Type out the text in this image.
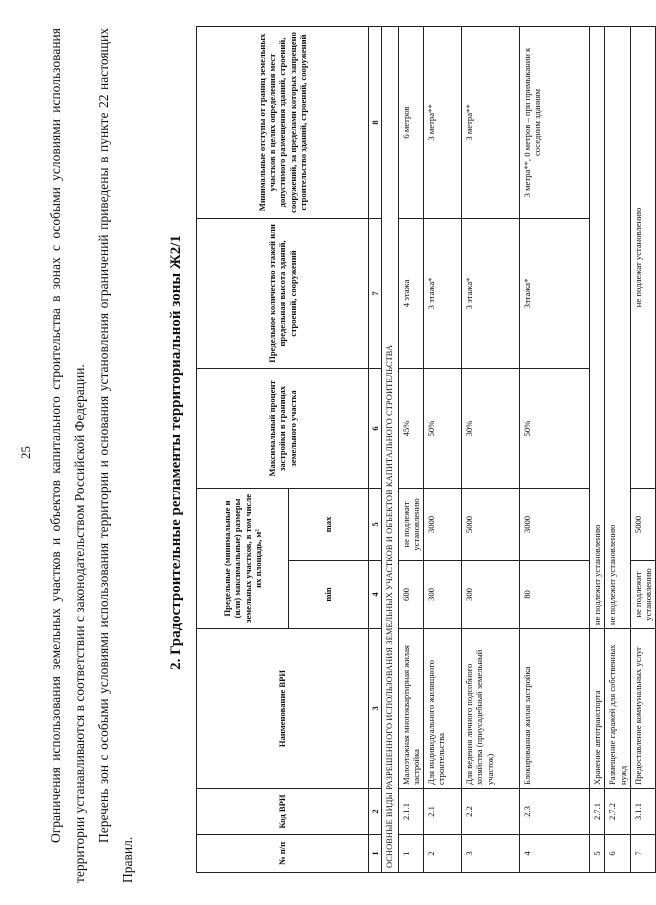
25 Ограничения использования земельных участков и объектов капитального строительства в зонах с особыми условиями использования территории устанавливаются в соответствии с законодательством Российской Федерации. Перечень зон с особыми условиями использования территории и основания установления ограничений приведены в пункте 22 настоящих Правил.

2. Градостроительные регламенты территориальной зоны Ж2/1
№ п/п	Код ВРИ	Наименование ВРИ	Предельные (минимальные и (или) максимальные) размеры земельных участков, в том числе их площадь, м²		Максимальный процент застройки в границах земельного участка	Предельное количество этажей или предельная высота зданий, строений, сооружений	Минимальные отступы от границ земельных участков в целях определения мест допустимого размещения зданий, строений, сооружений, за пределами которых запрещено строительство зданий, строений, сооружений
			min	max			
1	2	3	4	5	6	7	8
ОСНОВНЫЕ ВИДЫ РАЗРЕШЕННОГО ИСПОЛЬЗОВАНИЯ ЗЕМЕЛЬНЫХ УЧАСТКОВ И ОБЪЕКТОВ КАПИТАЛЬНОГО СТРОИТЕЛЬСТВА							
1	2.1.1	Малоэтажная многоквартирная жилая застройка	600	не подлежит установлению	45%	4 этажа	6 метров
2	2.1	Для индивидуального жилищного строительства	300	3000	50%	3 этажа*	3 метра**
3	2.2	Для ведения личного подсобного хозяйства (приусадебный земельный участок)	300	5000	30%	3 этажа*	3 метра**
4	2.3	Блокированная жилая застройка	80	3000	50%	3этажа*	3 метра**, 0 метров – при примыкании к соседним зданиям
5	2.7.1	Хранение автотранспорта	не подлежит установлению				
6	2.7.2	Размещение гаражей для собственных нужд	не подлежит установлению				
7	3.1.1	Предоставление коммунальных услуг	не подлежит установлению	5000	не подлежат установлению		
